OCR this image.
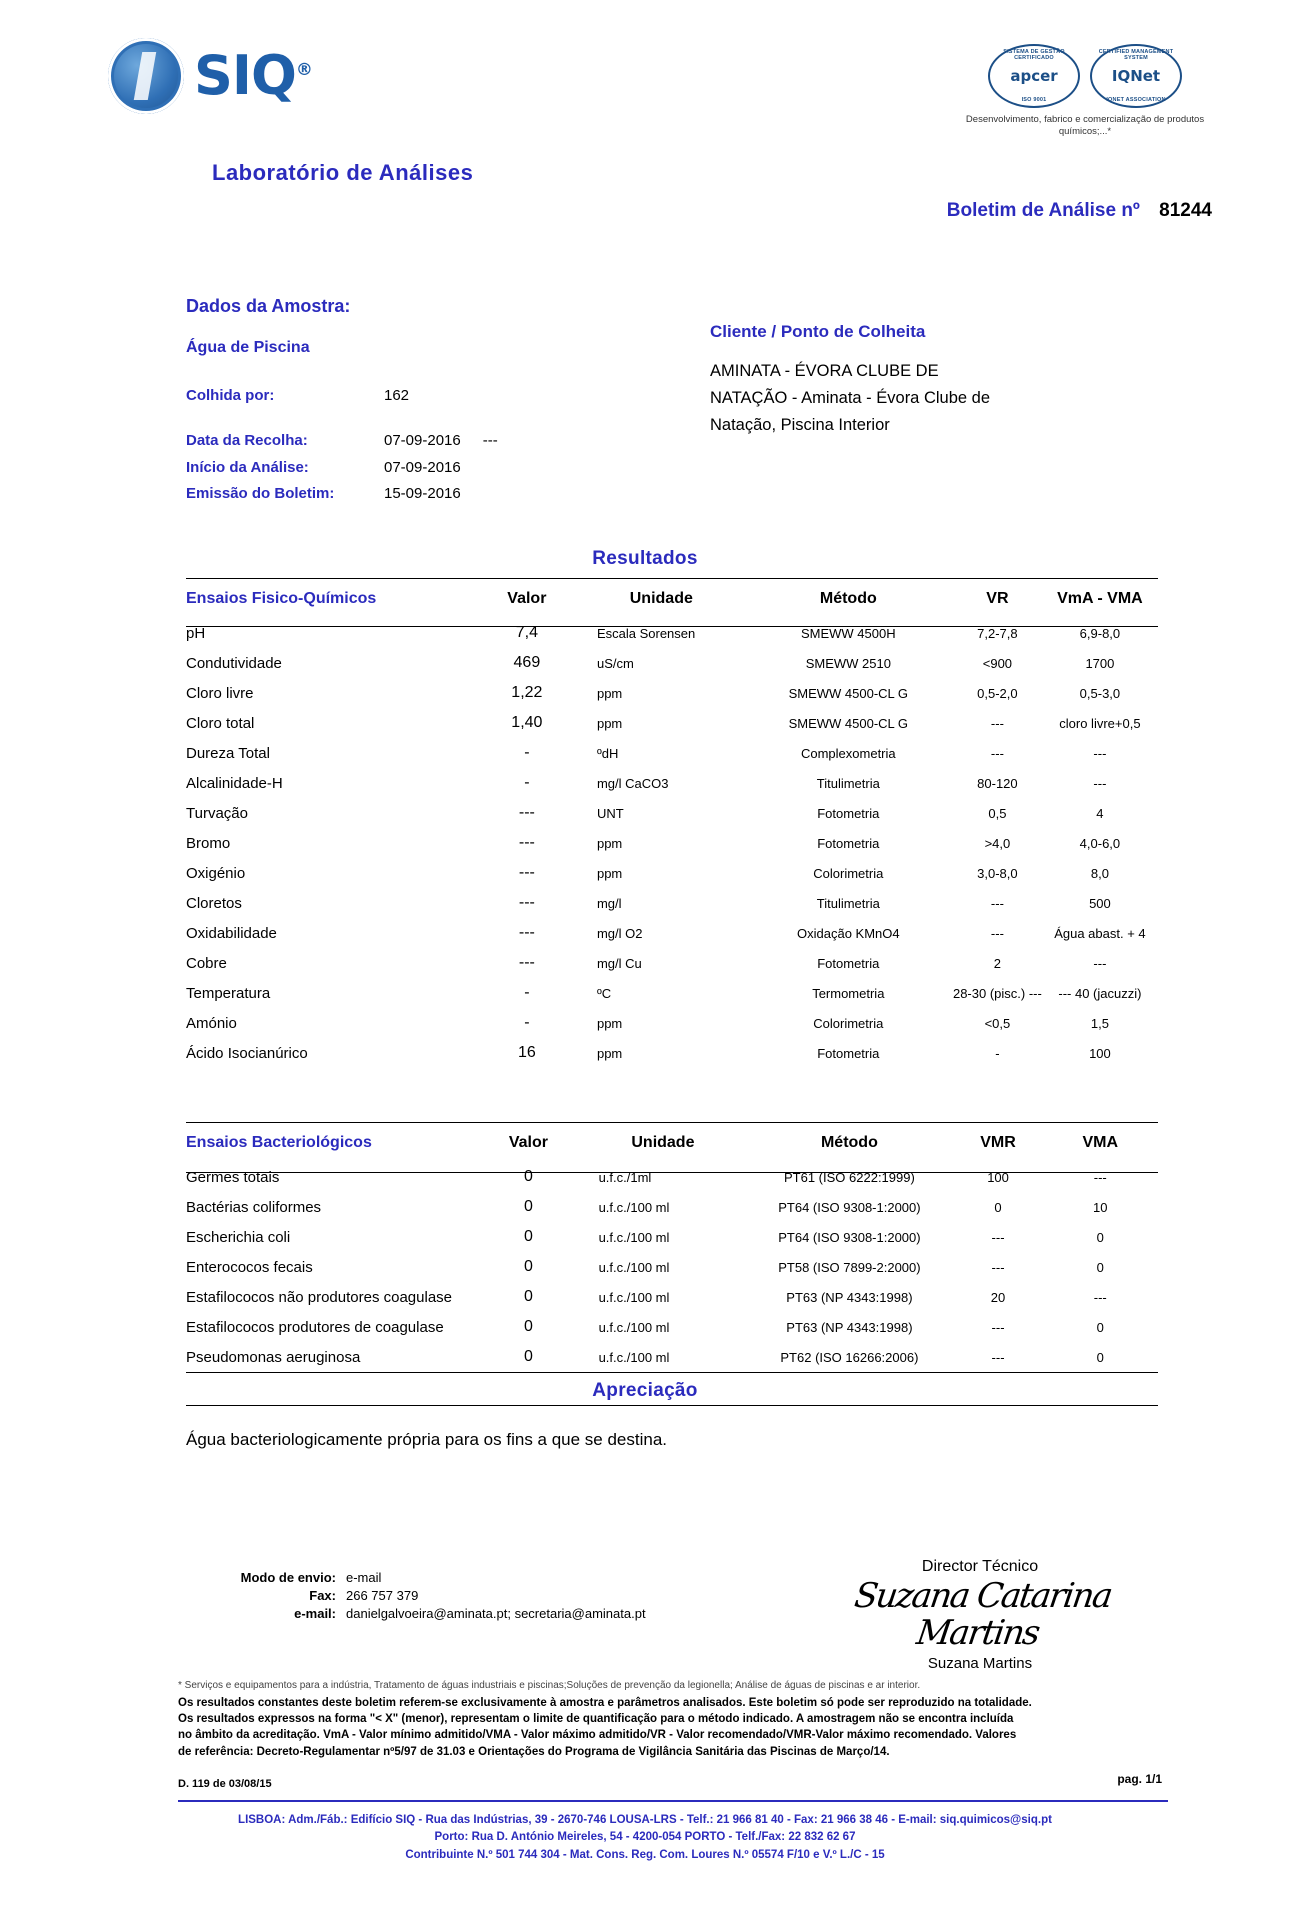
SIQ®
Laboratório de Análises
SISTEMA DE GESTÃO CERTIFICADO
apcer
ISO 9001
CERTIFIED MANAGEMENT SYSTEM
IQNet
IQNET ASSOCIATION
Desenvolvimento, fabrico e comercialização de produtos químicos;...*
Boletim de Análise nº 81244
Dados da Amostra:
Água de Piscina
Colhida por:	162
Data da Recolha:	07-09-2016 ---
Início da Análise:	07-09-2016
Emissão do Boletim:	15-09-2016
Cliente / Ponto de Colheita

AMINATA - ÉVORA CLUBE DE

NATAÇÃO - Aminata - Évora Clube de

Natação, Piscina Interior

Resultados
Ensaios Fisico-Químicos	Valor	Unidade	Método	VR	VmA - VMA
pH	7,4	Escala Sorensen	SMEWW 4500H	7,2-7,8	6,9-8,0
Condutividade	469	uS/cm	SMEWW 2510	<900	1700
Cloro livre	1,22	ppm	SMEWW 4500-CL G	0,5-2,0	0,5-3,0
Cloro total	1,40	ppm	SMEWW 4500-CL G	---	cloro livre+0,5
Dureza Total	-	ºdH	Complexometria	---	---
Alcalinidade-H	-	mg/l CaCO3	Titulimetria	80-120	---
Turvação	---	UNT	Fotometria	0,5	4
Bromo	---	ppm	Fotometria	>4,0	4,0-6,0
Oxigénio	---	ppm	Colorimetria	3,0-8,0	8,0
Cloretos	---	mg/l	Titulimetria	---	500
Oxidabilidade	---	mg/l O2	Oxidação KMnO4	---	Água abast. + 4
Cobre	---	mg/l Cu	Fotometria	2	---
Temperatura	-	ºC	Termometria	28-30 (pisc.) ---	--- 40 (jacuzzi)
Amónio	-	ppm	Colorimetria	<0,5	1,5
Ácido Isocianúrico	16	ppm	Fotometria	-	100
Ensaios Bacteriológicos	Valor	Unidade	Método	VMR	VMA
Germes totais	0	u.f.c./1ml	PT61 (ISO 6222:1999)	100	---
Bactérias coliformes	0	u.f.c./100 ml	PT64 (ISO 9308-1:2000)	0	10
Escherichia coli	0	u.f.c./100 ml	PT64 (ISO 9308-1:2000)	---	0
Enterococos fecais	0	u.f.c./100 ml	PT58 (ISO 7899-2:2000)	---	0
Estafilococos não produtores coagulase	0	u.f.c./100 ml	PT63 (NP 4343:1998)	20	---
Estafilococos produtores de coagulase	0	u.f.c./100 ml	PT63 (NP 4343:1998)	---	0
Pseudomonas aeruginosa	0	u.f.c./100 ml	PT62 (ISO 16266:2006)	---	0
Apreciação
Água bacteriologicamente própria para os fins a que se destina.
Modo de envio: e-mail
Fax: 266 757 379
e-mail: danielgalvoeira@aminata.pt; secretaria@aminata.pt
Director Técnico
Suzana Catarina Martins
Suzana Martins
* Serviços e equipamentos para a indústria, Tratamento de águas industriais e piscinas;Soluções de prevenção da legionella; Análise de águas de piscinas e ar interior.

Os resultados constantes deste boletim referem-se exclusivamente à amostra e parâmetros analisados. Este boletim só pode ser reproduzido na totalidade.

Os resultados expressos na forma "< X" (menor), representam o limite de quantificação para o método indicado. A amostragem não se encontra incluída

no âmbito da acreditação. VmA - Valor mínimo admitido/VMA - Valor máximo admitido/VR - Valor recomendado/VMR-Valor máximo recomendado. Valores

de referência: Decreto-Regulamentar nº5/97 de 31.03 e Orientações do Programa de Vigilância Sanitária das Piscinas de Março/14.

D. 119 de 03/08/15	pag. 1/1
LISBOA: Adm./Fáb.: Edifício SIQ - Rua das Indústrias, 39 - 2670-746 LOUSA-LRS - Telf.: 21 966 81 40 - Fax: 21 966 38 46 - E-mail: siq.quimicos@siq.pt
Porto: Rua D. António Meireles, 54 - 4200-054 PORTO - Telf./Fax: 22 832 62 67
Contribuinte N.º 501 744 304 - Mat. Cons. Reg. Com. Loures N.º 05574 F/10 e V.º L./C - 15
